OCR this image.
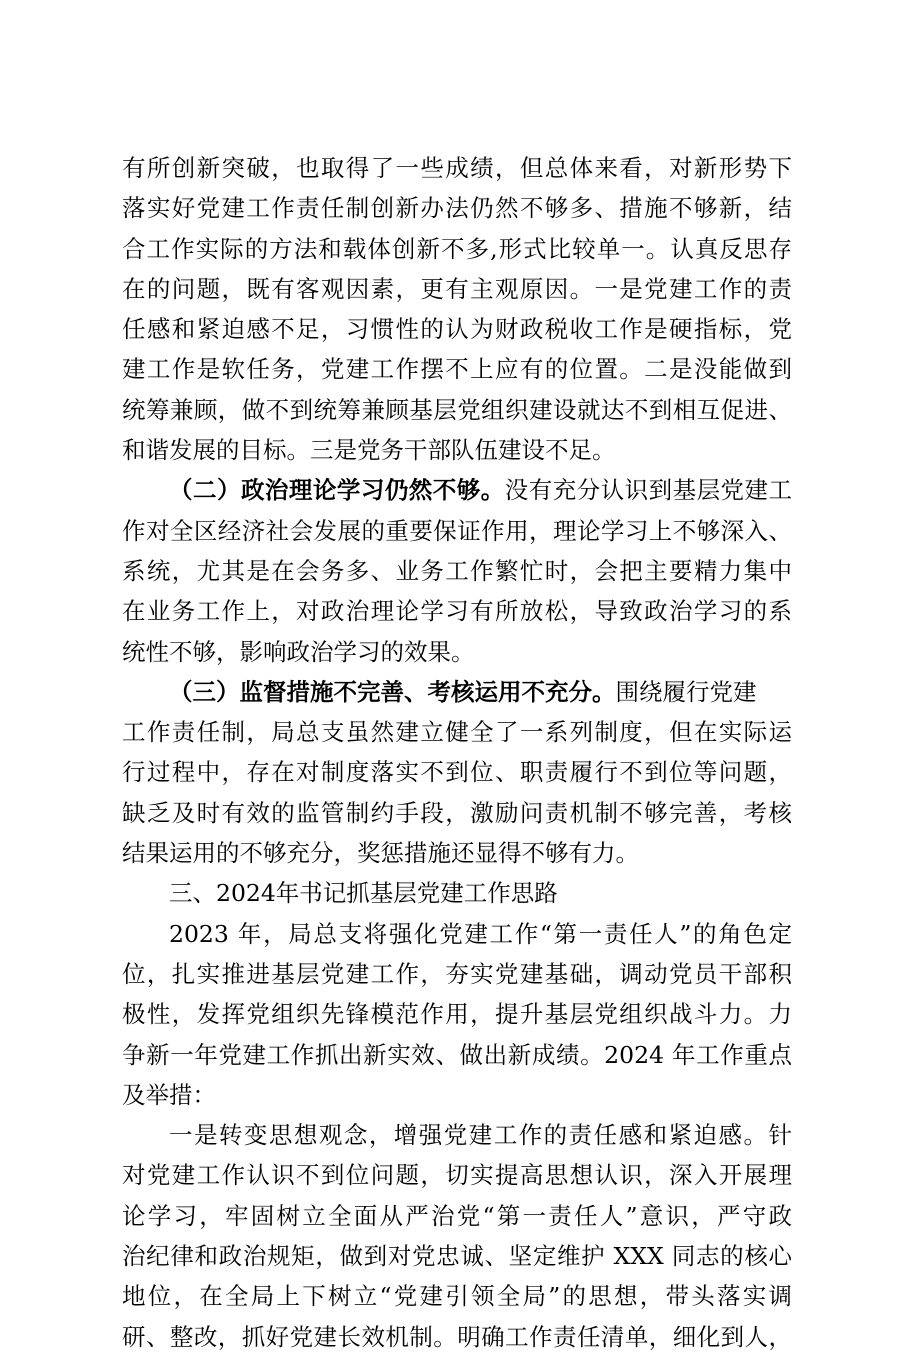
有所创新突破，也取得了一些成绩，但总体来看，对新形势下
落实好党建工作责任制创新办法仍然不够多、措施不够新，结
合工作实际的方法和载体创新不多,形式比较单一。认真反思存
在的问题，既有客观因素，更有主观原因。一是党建工作的责
任感和紧迫感不足，习惯性的认为财政税收工作是硬指标，党
建工作是软任务，党建工作摆不上应有的位置。二是没能做到
统筹兼顾，做不到统筹兼顾基层党组织建设就达不到相互促进、
和谐发展的目标。三是党务干部队伍建设不足。
（二）政治理论学习仍然不够。没有充分认识到基层党建工
作对全区经济社会发展的重要保证作用，理论学习上不够深入、
系统，尤其是在会务多、业务工作繁忙时，会把主要精力集中
在业务工作上，对政治理论学习有所放松，导致政治学习的系
统性不够，影响政治学习的效果。
（三）监督措施不完善、考核运用不充分。围绕履行党建
工作责任制，局总支虽然建立健全了一系列制度，但在实际运
行过程中，存在对制度落实不到位、职责履行不到位等问题，
缺乏及时有效的监管制约手段，激励问责机制不够完善，考核
结果运用的不够充分，奖惩措施还显得不够有力。
三、2024年书记抓基层党建工作思路
2023 年，局总支将强化党建工作“第一责任人”的角色定
位，扎实推进基层党建工作，夯实党建基础，调动党员干部积
极性，发挥党组织先锋模范作用，提升基层党组织战斗力。力
争新一年党建工作抓出新实效、做出新成绩。2024 年工作重点
及举措：
一是转变思想观念，增强党建工作的责任感和紧迫感。针
对党建工作认识不到位问题，切实提高思想认识，深入开展理
论学习，牢固树立全面从严治党“第一责任人”意识，严守政
治纪律和政治规矩，做到对党忠诚、坚定维护 XXX 同志的核心
地位，在全局上下树立“党建引领全局”的思想，带头落实调
研、整改，抓好党建长效机制。明确工作责任清单，细化到人，
